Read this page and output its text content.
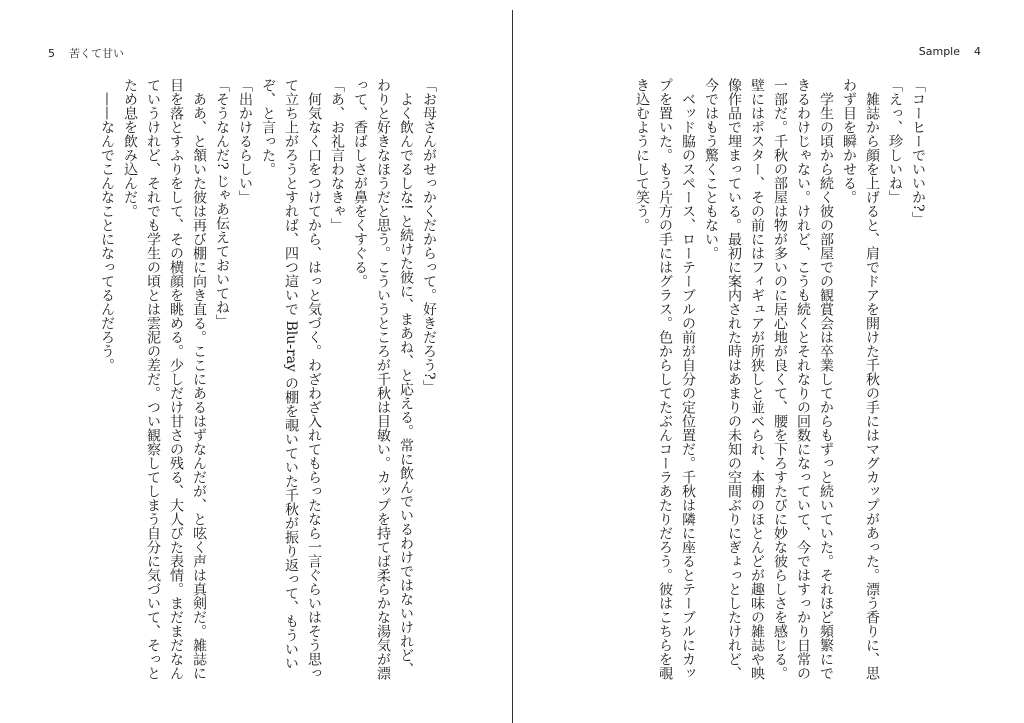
5 苦くて甘い

「お母さんがせっかくだからって。好きだろう?」

よく飲んでるしな! と続けた彼に、まあね、と応える。常に飲んでいるわけではないけれど、わりと好きなほうだと思う。こういうところが千秋は目敏い。カップを持てば柔らかな湯気が漂って、香ばしさが鼻をくすぐる。

「あ、お礼言わなきゃ」

何気なく口をつけてから、はっと気づく。わざわざ入れてもらったなら一言ぐらいはそう思って立ち上がろうとすれば、四つ這いで Blu-ray の棚を覗いていた千秋が振り返って、もういいぞ、と言った。

「出かけるらしい」

「そうなんだ? じゃあ伝えておいてね」

ああ、と頷いた彼は再び棚に向き直る。ここにあるはずなんだが、と呟く声は真剣だ。雑誌に目を落とすふりをして、その横顔を眺める。少しだけ甘さの残る、大人びた表情。まだまだなんていうけれど、それでも学生の頃とは雲泥の差だ。つい観察してしまう自分に気づいて、そっとため息を飲み込んだ。

——なんでこんなことになってるんだろう。

Sample 4

「コーヒーでいいか?」

「えっ、珍しいね」

雑誌から顔を上げると、肩でドアを開けた千秋の手にはマグカップがあった。漂う香りに、思わず目を瞬かせる。

学生の頃から続く彼の部屋での観賞会は卒業してからもずっと続いていた。それほど頻繁にできるわけじゃない。けれど、こうも続くとそれなりの回数になっていて、今ではすっかり日常の一部だ。千秋の部屋は物が多いのに居心地が良くて、腰を下ろすたびに妙な彼らしさを感じる。壁にはポスター、その前にはフィギュアが所狭しと並べられ、本棚のほとんどが趣味の雑誌や映像作品で埋まっている。最初に案内された時はあまりの未知の空間ぶりにぎょっとしたけれど、今ではもう驚くこともない。

ベッド脇のスペース、ローテーブルの前が自分の定位置だ。千秋は隣に座るとテーブルにカップを置いた。もう片方の手にはグラス。色からしてたぶんコーラあたりだろう。彼はこちらを覗き込むようにして笑う。
